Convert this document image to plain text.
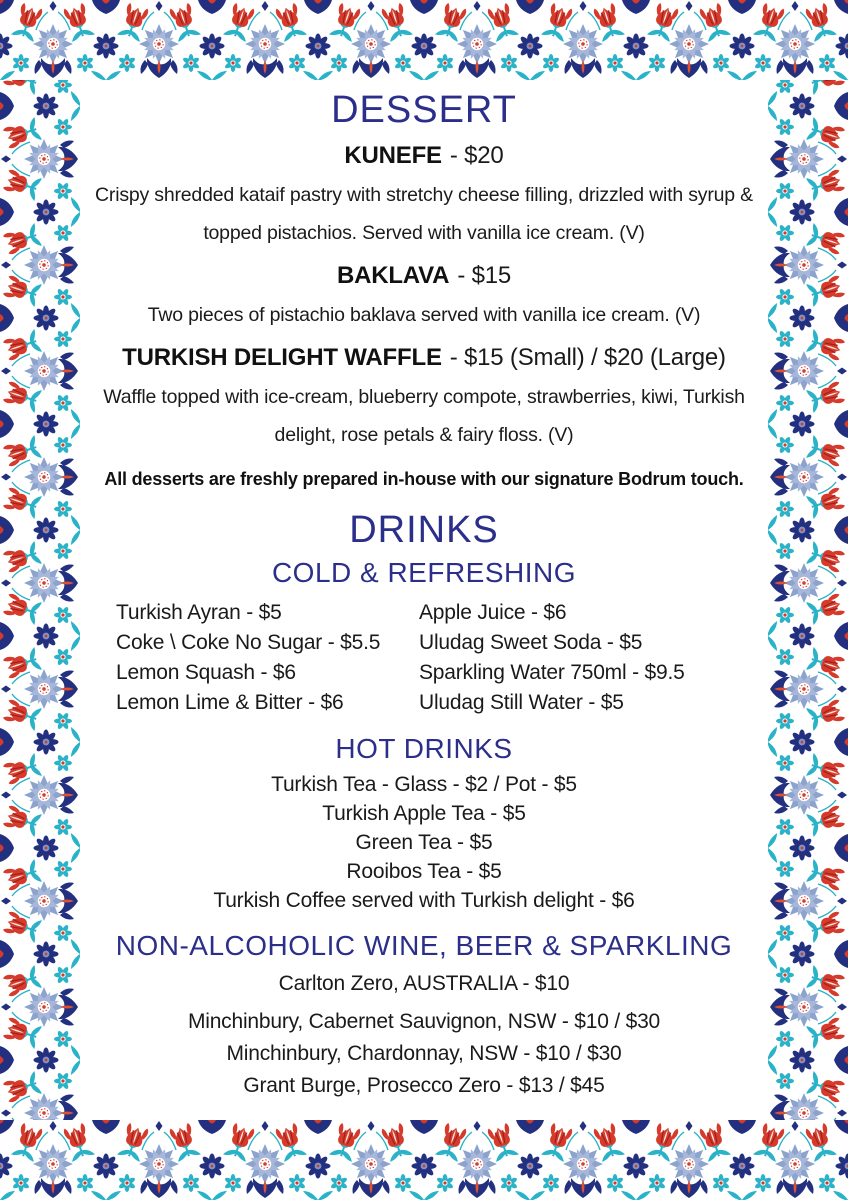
DESSERT
KUNEFE - $20
Crispy shredded kataif pastry with stretchy cheese filling, drizzled with syrup & topped pistachios. Served with vanilla ice cream. (V)
BAKLAVA - $15
Two pieces of pistachio baklava served with vanilla ice cream. (V)
TURKISH DELIGHT WAFFLE - $15 (Small) / $20 (Large)
Waffle topped with ice-cream, blueberry compote, strawberries, kiwi, Turkish delight, rose petals & fairy floss. (V)
All desserts are freshly prepared in-house with our signature Bodrum touch.
DRINKS
COLD & REFRESHING
Turkish Ayran - $5
Coke \ Coke No Sugar - $5.5
Lemon Squash - $6
Lemon Lime & Bitter - $6
Apple Juice - $6
Uludag Sweet Soda - $5
Sparkling Water 750ml - $9.5
Uludag Still Water - $5
HOT DRINKS
Turkish Tea - Glass - $2 / Pot - $5
Turkish Apple Tea - $5
Green Tea - $5
Rooibos Tea - $5
Turkish Coffee served with Turkish delight - $6
NON-ALCOHOLIC WINE, BEER & SPARKLING
Carlton Zero, AUSTRALIA - $10
Minchinbury, Cabernet Sauvignon, NSW - $10 / $30
Minchinbury, Chardonnay, NSW - $10 / $30
Grant Burge, Prosecco Zero - $13 / $45
